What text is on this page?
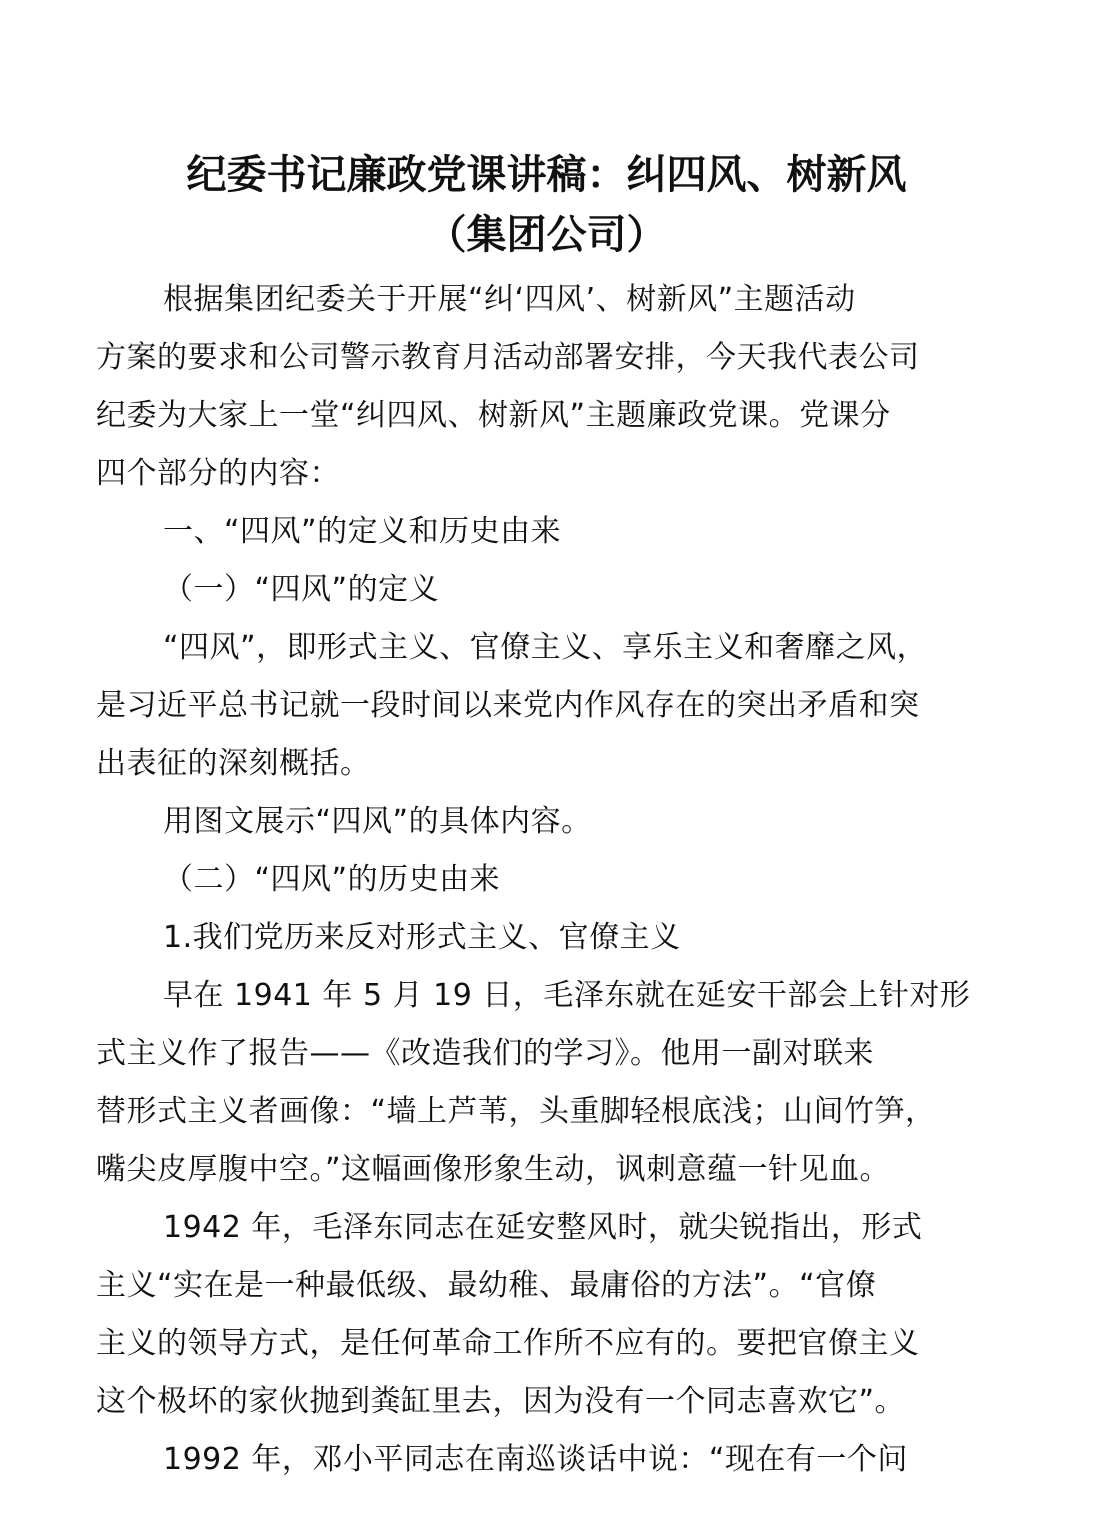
纪委书记廉政党课讲稿：纠四风、树新风
（集团公司）
根据集团纪委关于开展“纠‘四风’、树新风”主题活动
方案的要求和公司警示教育月活动部署安排，今天我代表公司
纪委为大家上一堂“纠四风、树新风”主题廉政党课。党课分
四个部分的内容：
一、“四风”的定义和历史由来
（一）“四风”的定义
“四风”，即形式主义、官僚主义、享乐主义和奢靡之风，
是习近平总书记就一段时间以来党内作风存在的突出矛盾和突
出表征的深刻概括。
用图文展示“四风”的具体内容。
（二）“四风”的历史由来
1.我们党历来反对形式主义、官僚主义
早在 1941 年 5 月 19 日，毛泽东就在延安干部会上针对形
式主义作了报告——《改造我们的学习》。他用一副对联来
替形式主义者画像：“墙上芦苇，头重脚轻根底浅；山间竹笋，
嘴尖皮厚腹中空。”这幅画像形象生动，讽刺意蕴一针见血。
1942 年，毛泽东同志在延安整风时，就尖锐指出，形式
主义“实在是一种最低级、最幼稚、最庸俗的方法”。“官僚
主义的领导方式，是任何革命工作所不应有的。要把官僚主义
这个极坏的家伙抛到粪缸里去，因为没有一个同志喜欢它”。
1992 年，邓小平同志在南巡谈话中说：“现在有一个问
